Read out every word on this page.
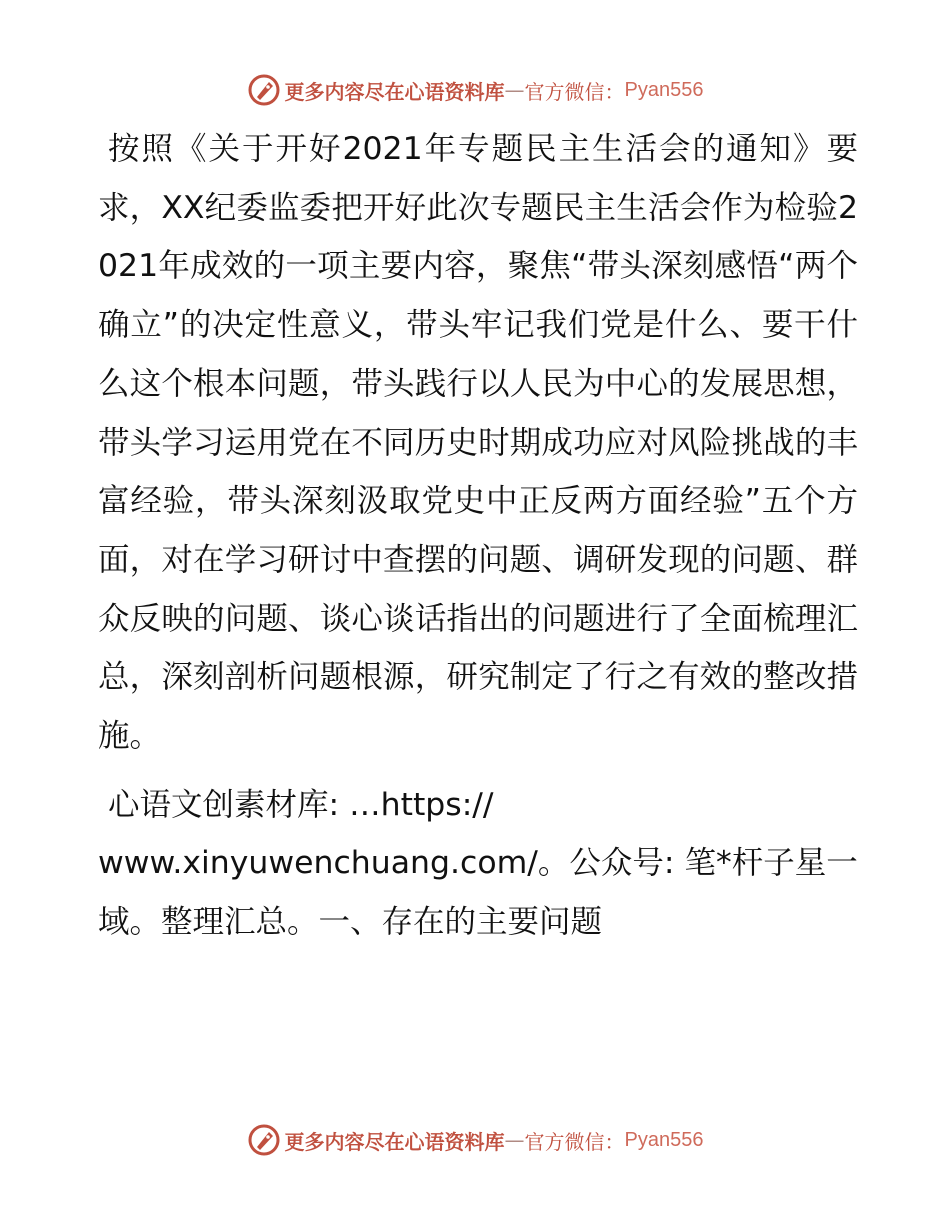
更多内容尽在心语资料库 — 官方微信： Pyan556

按照《关于开好2021年专题民主生活会的通知》要求，XX纪委监委把开好此次专题民主生活会作为检验2021年成效的一项主要内容，聚焦“带头深刻感悟“两个确立”的决定性意义，带头牢记我们党是什么、要干什么这个根本问题，带头践行以人民为中心的发展思想，带头学习运用党在不同历史时期成功应对风险挑战的丰富经验，带头深刻汲取党史中正反两方面经验”五个方面，对在学习研讨中查摆的问题、调研发现的问题、群众反映的问题、谈心谈话指出的问题进行了全面梳理汇总，深刻剖析问题根源，研究制定了行之有效的整改措施。

心语文创素材库: …https://
www.xinyuwenchuang.com/。公众号: 笔*杆子星一
域。整理汇总。一、存在的主要问题

更多内容尽在心语资料库 — 官方微信： Pyan556
